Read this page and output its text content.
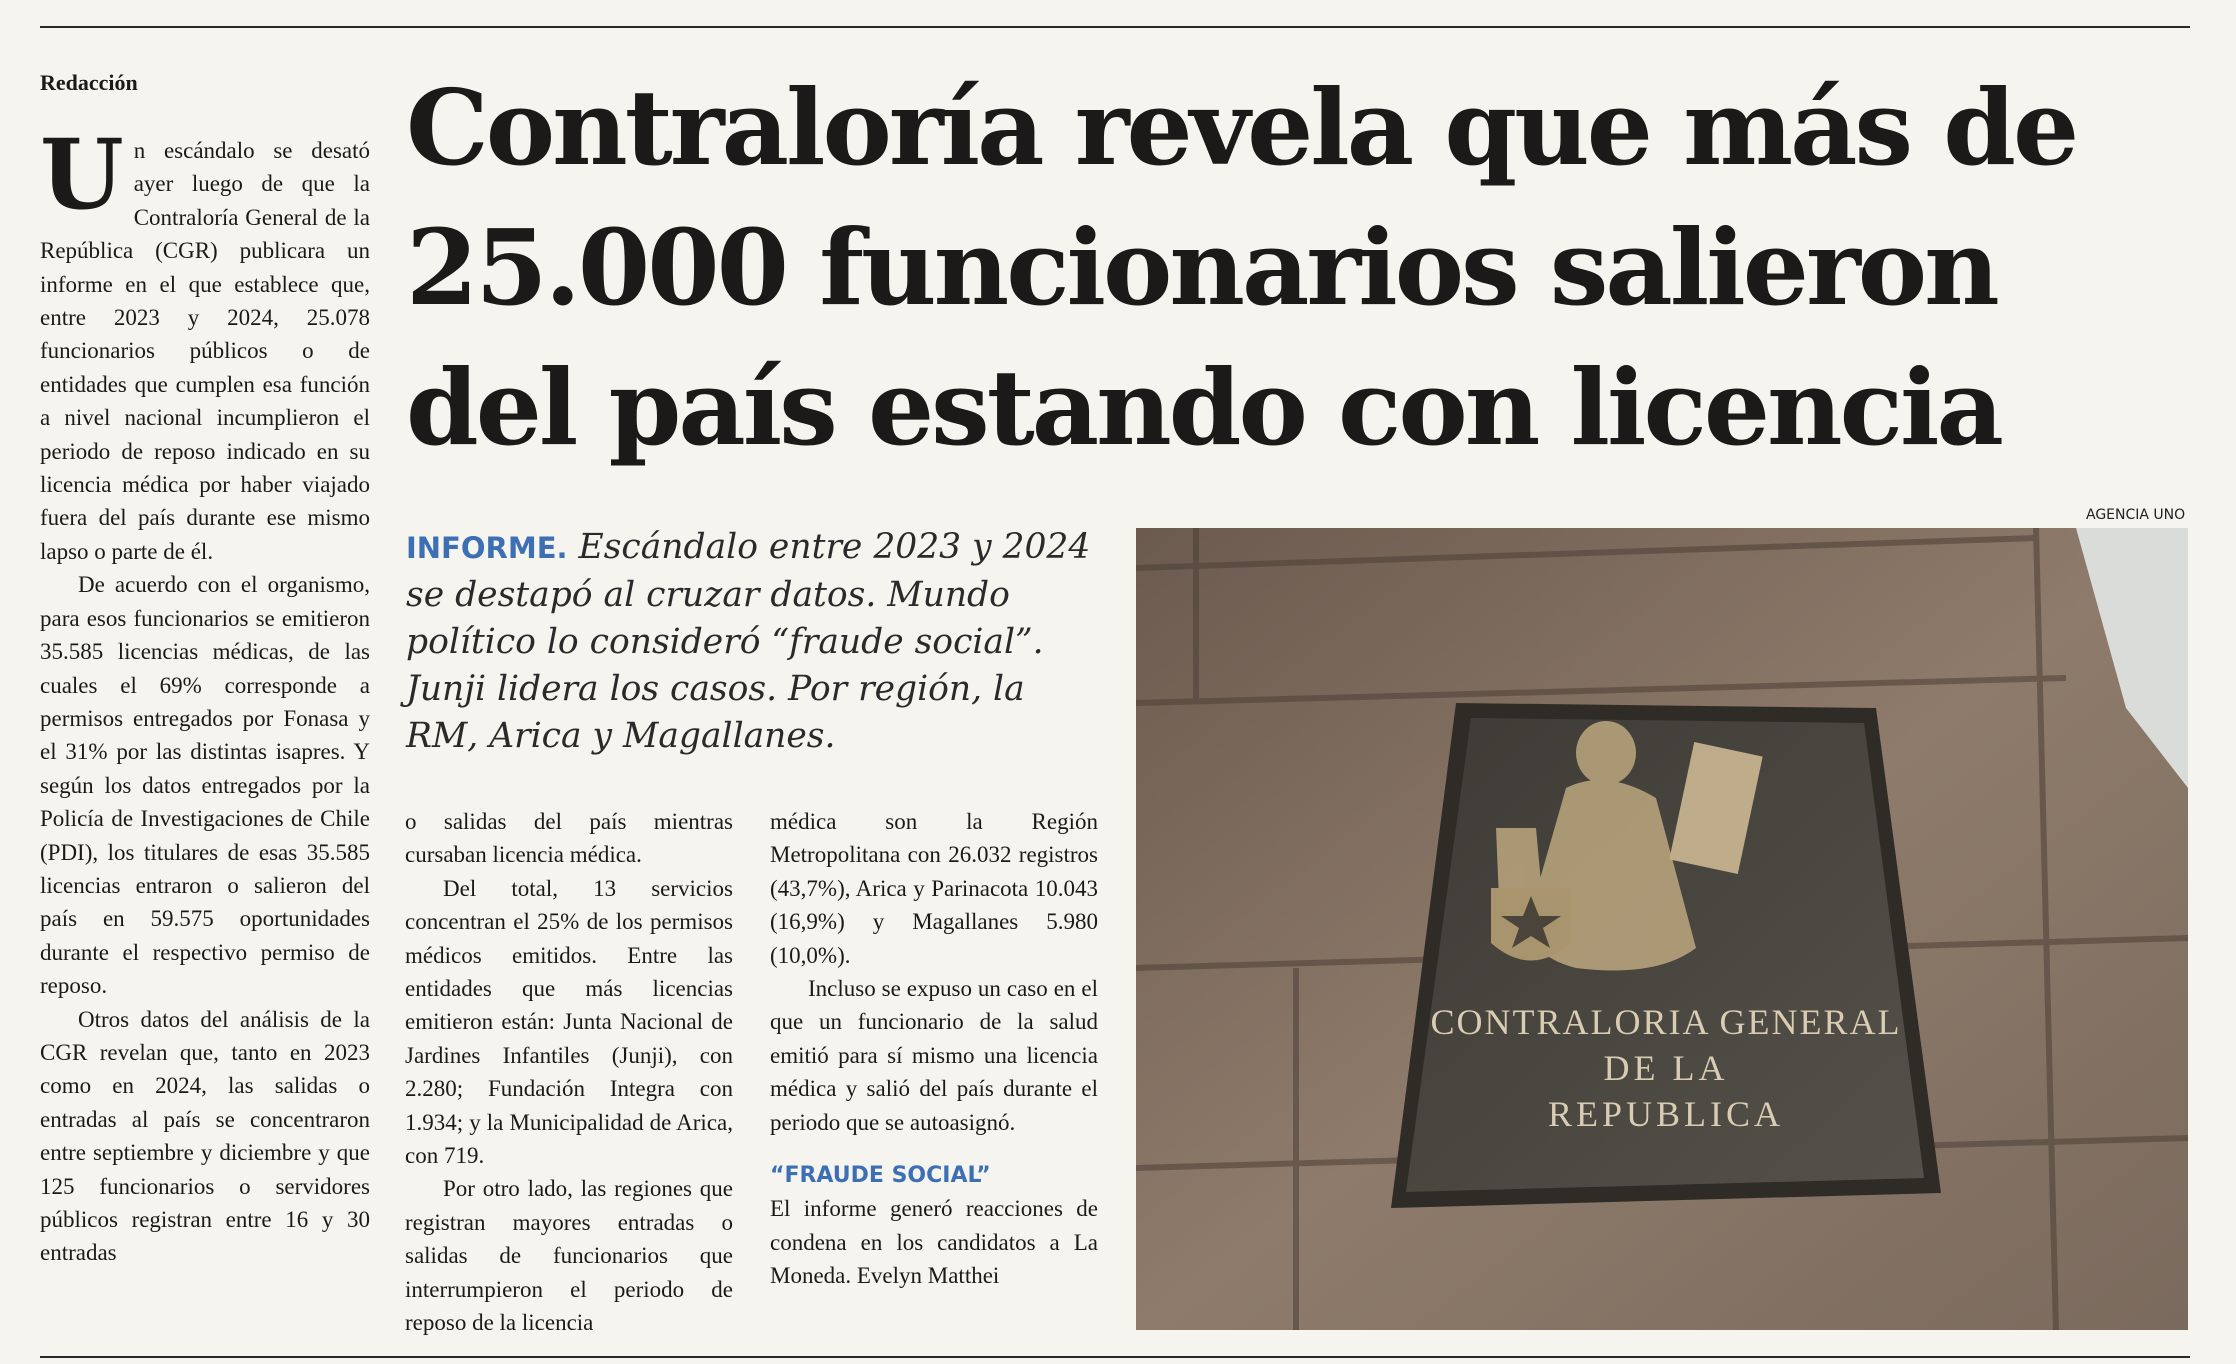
Redacción
U n escándalo se desató ayer luego de que la Contraloría General de la República (CGR) publicara un informe en el que establece que, entre 2023 y 2024, 25.078 funcionarios públicos o de entidades que cumplen esa función a nivel nacional incumplieron el periodo de reposo indicado en su licencia médica por haber viajado fuera del país durante ese mismo lapso o parte de él.

De acuerdo con el organismo, para esos funcionarios se emitieron 35.585 licencias médicas, de las cuales el 69% corresponde a permisos entregados por Fonasa y el 31% por las distintas isapres. Y según los datos entregados por la Policía de Investigaciones de Chile (PDI), los titulares de esas 35.585 licencias entraron o salieron del país en 59.575 oportunidades durante el respectivo permiso de reposo.

Otros datos del análisis de la CGR revelan que, tanto en 2023 como en 2024, las salidas o entradas al país se concentraron entre septiembre y diciembre y que 125 funcionarios o servidores públicos registran entre 16 y 30 entradas

Contraloría revela que más de 25.000 funcionarios salieron del país estando con licencia
INFORME. Escándalo entre 2023 y 2024 se destapó al cruzar datos. Mundo político lo consideró “fraude social”. Junji lidera los casos. Por región, la RM, Arica y Magallanes.

o salidas del país mientras cursaban licencia médica.

Del total, 13 servicios concentran el 25% de los permisos médicos emitidos. Entre las entidades que más licencias emitieron están: Junta Nacional de Jardines Infantiles (Junji), con 2.280; Fundación Integra con 1.934; y la Municipalidad de Arica, con 719.

Por otro lado, las regiones que registran mayores entradas o salidas de funcionarios que interrumpieron el periodo de reposo de la licencia

médica son la Región Metropolitana con 26.032 registros (43,7%), Arica y Parinacota 10.043 (16,9%) y Magallanes 5.980 (10,0%).

Incluso se expuso un caso en el que un funcionario de la salud emitió para sí mismo una licencia médica y salió del país durante el periodo que se autoasignó.

“FRAUDE SOCIAL”

El informe generó reacciones de condena en los candidatos a La Moneda. Evelyn Matthei

AGENCIA UNO
CONTRALORIA GENERAL
DE LA
REPUBLICA
